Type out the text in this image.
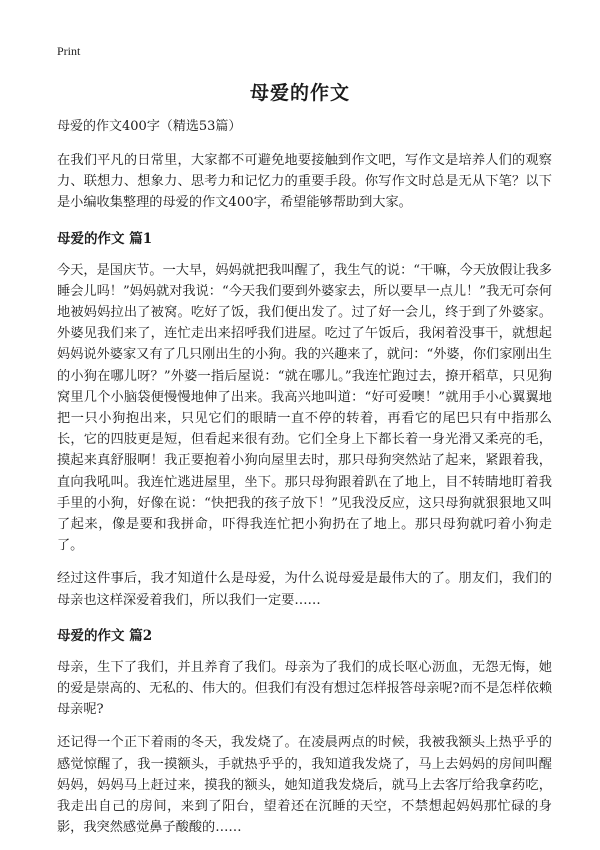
Print
母爱的作文
母爱的作文400字（精选53篇）

在我们平凡的日常里，大家都不可避免地要接触到作文吧，写作文是培养人们的观察力、联想力、想象力、思考力和记忆力的重要手段。你写作文时总是无从下笔？以下是小编收集整理的母爱的作文400字，希望能够帮助到大家。

母爱的作文 篇1

今天，是国庆节。一大早，妈妈就把我叫醒了，我生气的说：“干嘛，今天放假让我多睡会儿吗！”妈妈就对我说：“今天我们要到外婆家去，所以要早一点儿！”我无可奈何地被妈妈拉出了被窝。吃好了饭，我们便出发了。过了好一会儿，终于到了外婆家。外婆见我们来了，连忙走出来招呼我们进屋。吃过了午饭后，我闲着没事干，就想起妈妈说外婆家又有了几只刚出生的小狗。我的兴趣来了，就问：“外婆，你们家刚出生的小狗在哪儿呀？”外婆一指后屋说：“就在哪儿。”我连忙跑过去，撩开稻草，只见狗窝里几个小脑袋便慢慢地伸了出来。我高兴地叫道：“好可爱噢！”就用手小心翼翼地把一只小狗抱出来，只见它们的眼睛一直不停的转着，再看它的尾巴只有中指那么长，它的四肢更是短，但看起来很有劲。它们全身上下都长着一身光滑又柔亮的毛，摸起来真舒服啊！我正要抱着小狗向屋里去时，那只母狗突然站了起来，紧跟着我，直向我吼叫。我连忙逃进屋里，坐下。那只母狗跟着趴在了地上，目不转睛地盯着我手里的小狗，好像在说：“快把我的孩子放下！”见我没反应，这只母狗就狠狠地又叫了起来，像是要和我拼命，吓得我连忙把小狗扔在了地上。那只母狗就叼着小狗走了。

经过这件事后，我才知道什么是母爱，为什么说母爱是最伟大的了。朋友们，我们的母亲也这样深爱着我们，所以我们一定要……

母爱的作文 篇2

母亲，生下了我们，并且养育了我们。母亲为了我们的成长呕心沥血，无怨无悔，她的爱是崇高的、无私的、伟大的。但我们有没有想过怎样报答母亲呢?而不是怎样依赖母亲呢?

还记得一个正下着雨的冬天，我发烧了。在凌晨两点的时候，我被我额头上热乎乎的感觉惊醒了，我一摸额头，手就热乎乎的，我知道我发烧了，马上去妈妈的房间叫醒妈妈，妈妈马上赶过来，摸我的额头，她知道我发烧后，就马上去客厅给我拿药吃，我走出自己的房间，来到了阳台，望着还在沉睡的天空，不禁想起妈妈那忙碌的身影，我突然感觉鼻子酸酸的……
